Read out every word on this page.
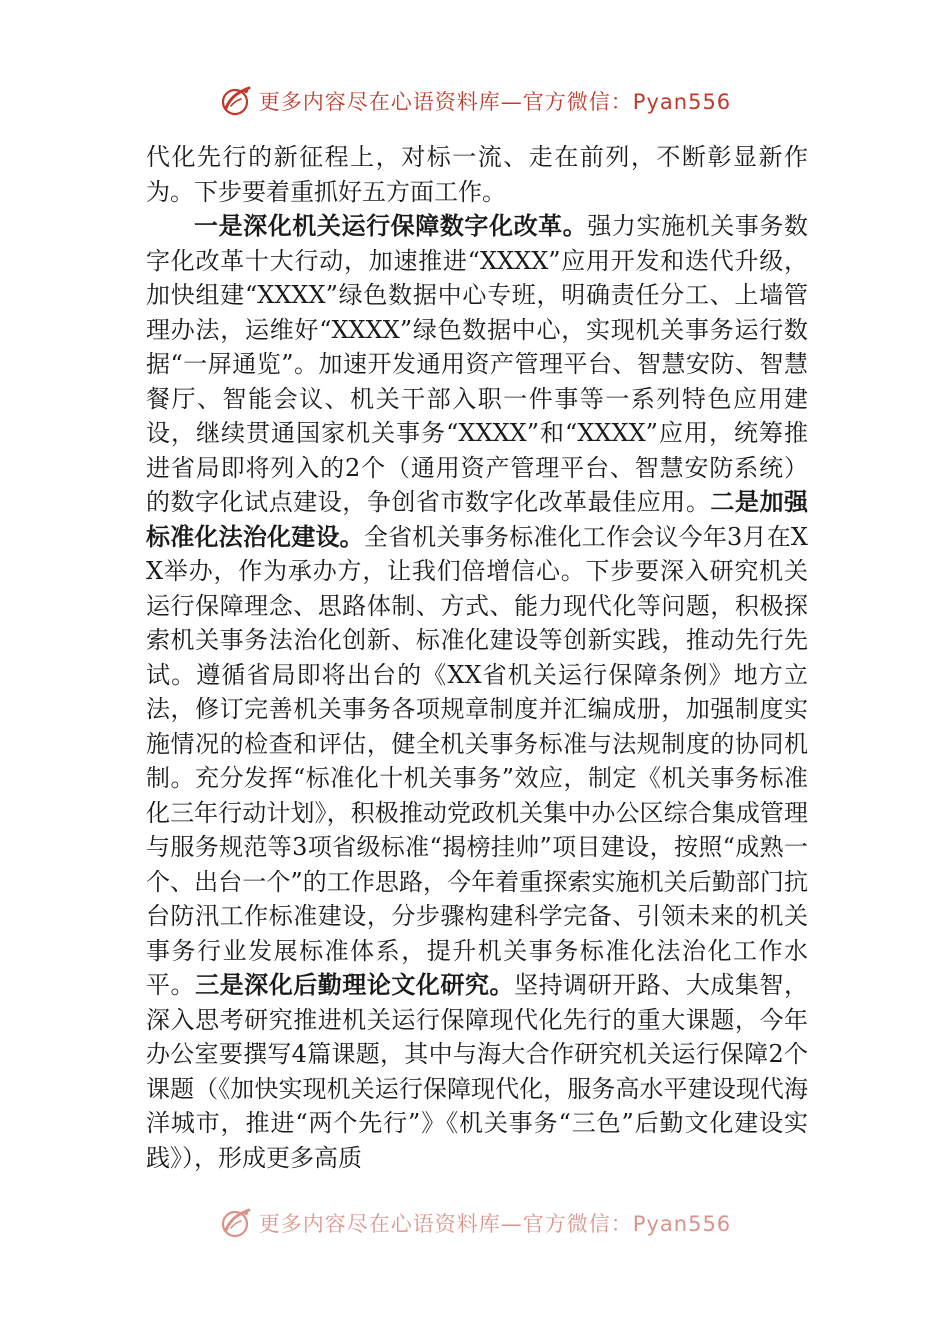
更多内容尽在心语资料库—官方微信：Pyan556

代化先行的新征程上，对标一流、走在前列，不断彰显新作为。下步要着重抓好五方面工作。

一是深化机关运行保障数字化改革。强力实施机关事务数字化改革十大行动，加速推进“XXXX”应用开发和迭代升级，加快组建“XXXX”绿色数据中心专班，明确责任分工、上墙管理办法，运维好“XXXX”绿色数据中心，实现机关事务运行数据“一屏通览”。加速开发通用资产管理平台、智慧安防、智慧餐厅、智能会议、机关干部入职一件事等一系列特色应用建设，继续贯通国家机关事务“XXXX”和“XXXX”应用，统筹推进省局即将列入的2个（通用资产管理平台、智慧安防系统）的数字化试点建设，争创省市数字化改革最佳应用。二是加强标准化法治化建设。全省机关事务标准化工作会议今年3月在XX举办，作为承办方，让我们倍增信心。下步要深入研究机关运行保障理念、思路体制、方式、能力现代化等问题，积极探索机关事务法治化创新、标准化建设等创新实践，推动先行先试。遵循省局即将出台的《XX省机关运行保障条例》地方立法，修订完善机关事务各项规章制度并汇编成册，加强制度实施情况的检查和评估，健全机关事务标准与法规制度的协同机制。充分发挥“标准化十机关事务”效应，制定《机关事务标准化三年行动计划》，积极推动党政机关集中办公区综合集成管理与服务规范等3项省级标准“揭榜挂帅”项目建设，按照“成熟一个、出台一个”的工作思路，今年着重探索实施机关后勤部门抗台防汛工作标准建设，分步骤构建科学完备、引领未来的机关事务行业发展标准体系，提升机关事务标准化法治化工作水平。三是深化后勤理论文化研究。坚持调研开路、大成集智，深入思考研究推进机关运行保障现代化先行的重大课题，今年办公室要撰写4篇课题，其中与海大合作研究机关运行保障2个课题（《加快实现机关运行保障现代化，服务高水平建设现代海洋城市，推进“两个先行”》《机关事务“三色”后勤文化建设实践》），形成更多高质

更多内容尽在心语资料库—官方微信：Pyan556
